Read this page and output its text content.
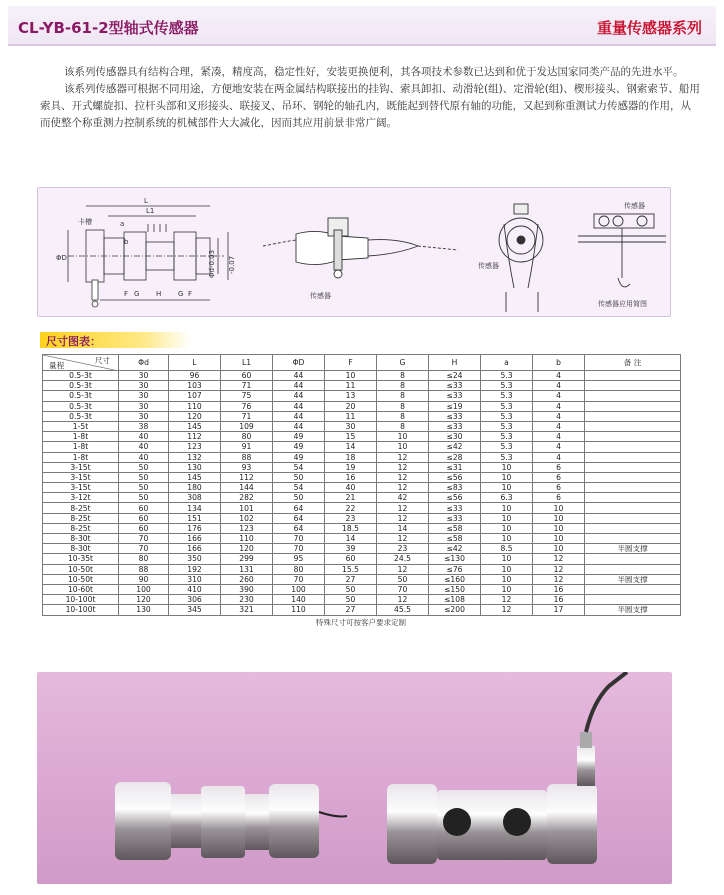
CL-YB-61-2型轴式传感器	重量传感器系列

该系列传感器具有结构合理，紧凑，精度高，稳定性好，安装更换便利，其各项技术参数已达到和优于发达国家同类产品的先进水平。

该系列传感器可根据不同用途，方便地安装在两金属结构联接出的挂钩、索具卸扣、动滑轮(组)、定滑轮(组)、楔形接头、钢索索节、船用索具、开式螺旋扣、拉杆头部和叉形接头、联接叉、吊环、钢轮的轴孔内，既能起到替代原有轴的功能，又起到称重测试力传感器的作用，从而使整个称重测力控制系统的机械部件大大减化，因而其应用前景非常广阔。

L
L1
卡槽	a
b
ΦD	Φd-0.03 -0.07
F G H G F	传感器
传感器
传感器
传感器应用简图
尺寸图表：
尺寸
量程	Φd	L	L1	ΦD	F	G	H	a	b	备 注
0.5-3t	30	96	60	44	10	8	≤24	5.3	4	
0.5-3t	30	103	71	44	11	8	≤33	5.3	4	
0.5-3t	30	107	75	44	13	8	≤33	5.3	4	
0.5-3t	30	110	76	44	20	8	≤19	5.3	4	
0.5-3t	30	120	71	44	11	8	≤33	5.3	4	
1-5t	38	145	109	44	30	8	≤33	5.3	4	
1-8t	40	112	80	49	15	10	≤30	5.3	4	
1-8t	40	123	91	49	14	10	≤42	5.3	4	
1-8t	40	132	88	49	18	12	≤28	5.3	4	
3-15t	50	130	93	54	19	12	≤31	10	6	
3-15t	50	145	112	50	16	12	≤56	10	6	
3-15t	50	180	144	54	40	12	≤83	10	6	
3-12t	50	308	282	50	21	42	≤56	6.3	6	
8-25t	60	134	101	64	22	12	≤33	10	10	
8-25t	60	151	102	64	23	12	≤33	10	10	
8-25t	60	176	123	64	18.5	14	≤58	10	10	
8-30t	70	166	110	70	14	12	≤58	10	10	
8-30t	70	166	120	70	39	23	≤42	8.5	10	半圆支撑
10-35t	80	350	299	95	60	24.5	≤130	10	12	
10-50t	88	192	131	80	15.5	12	≤76	10	12	
10-50t	90	310	260	70	27	50	≤160	10	12	半圆支撑
10-60t	100	410	390	100	50	70	≤150	10	16	
10-100t	120	306	230	140	50	12	≤108	12	16	
10-100t	130	345	321	110	27	45.5	≤200	12	17	半圆支撑
特殊尺寸可按客户要求定制
